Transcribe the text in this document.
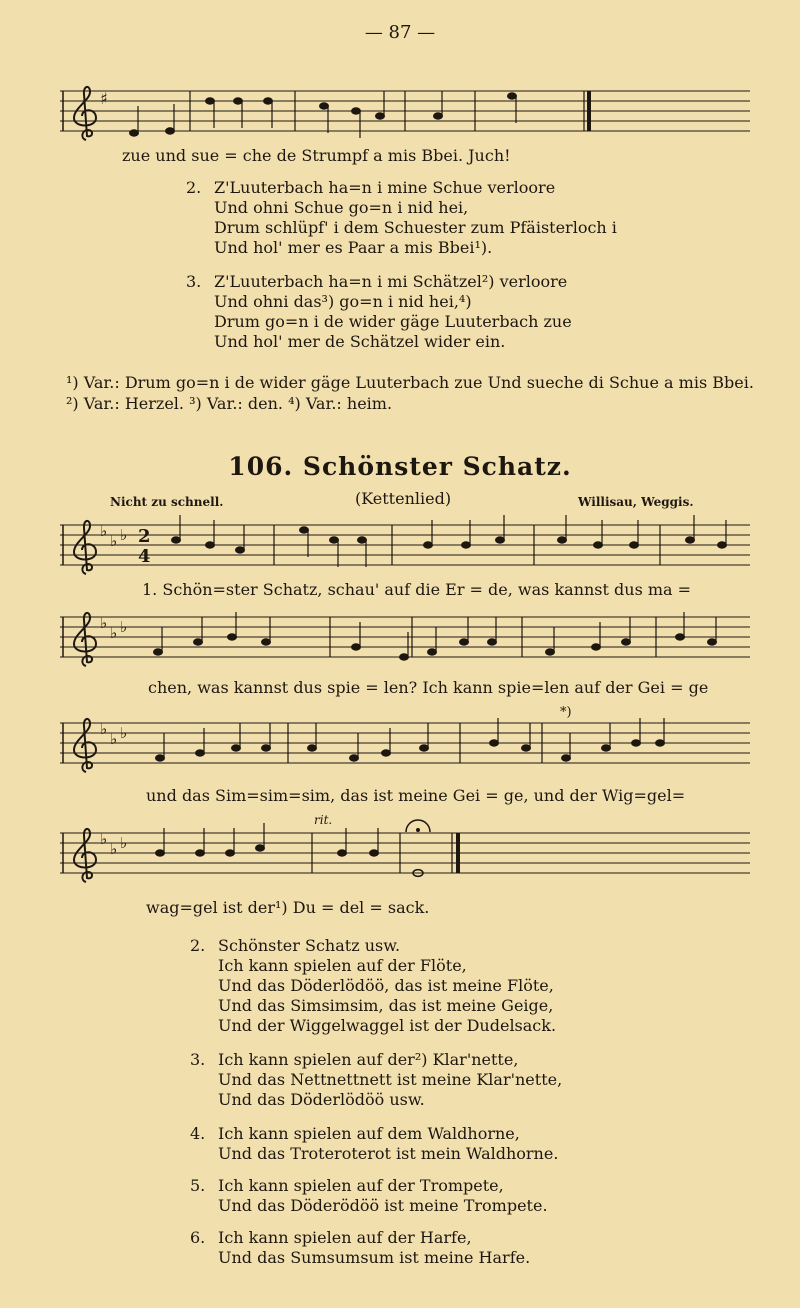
— 87 —
♯
zue und sue = che de Strumpf a mis Bbei. Juch!
2. Z'Luuterbach ha=n i mine Schue verloore
Und ohni Schue go=n i nid hei,
Drum schlüpf' i dem Schuester zum Pfäisterloch i
Und hol' mer es Paar a mis Bbei¹).
3. Z'Luuterbach ha=n i mi Schätzel²) verloore
Und ohni das³) go=n i nid hei,⁴)
Drum go=n i de wider gäge Luuterbach zue
Und hol' mer de Schätzel wider ein.
¹) Var.: Drum go=n i de wider gäge Luuterbach zue Und sueche di Schue a mis Bbei. ²) Var.: Herzel. ³) Var.: den. ⁴) Var.: heim.
106. Schönster Schatz.
Nicht zu schnell.	(Kettenlied)	Willisau, Weggis.
♭
♭ ♭ 2
4
1. Schön=ster Schatz, schau' auf die Er = de, was kannst dus ma =
♭
♭ ♭
chen, was kannst dus spie = len? Ich kann spie=len auf der Gei = ge
♭
♭ ♭
*)
und das Sim=sim=sim, das ist meine Gei = ge, und der Wig=gel=
♭
♭ ♭
rit.
wag=gel ist der¹) Du = del = sack.
2. Schönster Schatz usw.
Ich kann spielen auf der Flöte,
Und das Döderlödöö, das ist meine Flöte,
Und das Simsimsim, das ist meine Geige,
Und der Wiggelwaggel ist der Dudelsack.
3. Ich kann spielen auf der²) Klar'nette,
Und das Nettnettnett ist meine Klar'nette,
Und das Döderlödöö usw.
4. Ich kann spielen auf dem Waldhorne,
Und das Troteroterot ist mein Waldhorne.
5. Ich kann spielen auf der Trompete,
Und das Döderödöö ist meine Trompete.
6. Ich kann spielen auf der Harfe,
Und das Sumsumsum ist meine Harfe.
